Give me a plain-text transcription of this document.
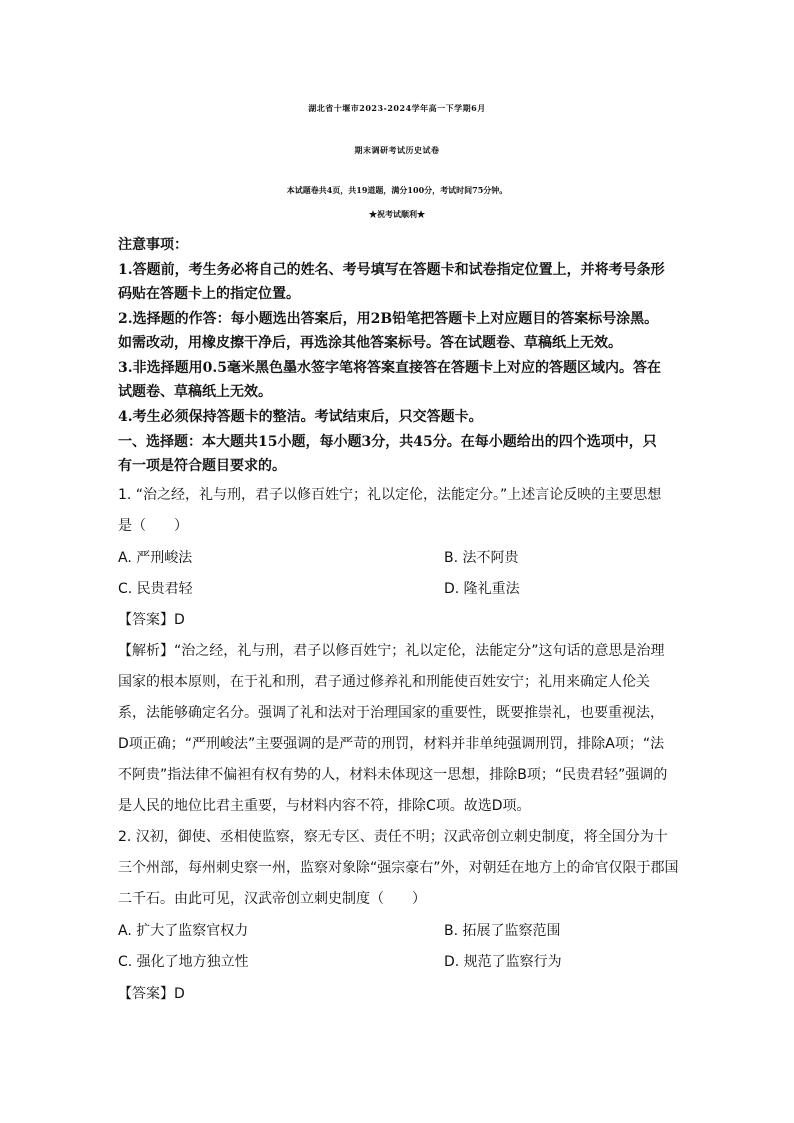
湖北省十堰市2023-2024学年高一下学期6月
期末调研考试历史试卷
本试题卷共4页，共19道题，满分100分，考试时间75分钟。
★祝考试顺利★
注意事项：
1.答题前，考生务必将自己的姓名、考号填写在答题卡和试卷指定位置上，并将考号条形
码贴在答题卡上的指定位置。
2.选择题的作答：每小题选出答案后，用2B铅笔把答题卡上对应题目的答案标号涂黑。
如需改动，用橡皮擦干净后，再选涂其他答案标号。答在试题卷、草稿纸上无效。
3.非选择题用0.5毫米黑色墨水签字笔将答案直接答在答题卡上对应的答题区域内。答在
试题卷、草稿纸上无效。
4.考生必须保持答题卡的整洁。考试结束后，只交答题卡。
一、选择题：本大题共15小题，每小题3分，共45分。在每小题给出的四个选项中，只
有一项是符合题目要求的。
1. “治之经，礼与刑，君子以修百姓宁；礼以定伦，法能定分。”上述言论反映的主要思想
是（　　）
A. 严刑峻法	B. 法不阿贵
C. 民贵君轻	D. 隆礼重法
【答案】D
【解析】“治之经，礼与刑，君子以修百姓宁；礼以定伦，法能定分”这句话的意思是治理
国家的根本原则，在于礼和刑，君子通过修养礼和刑能使百姓安宁；礼用来确定人伦关
系，法能够确定名分。强调了礼和法对于治理国家的重要性，既要推崇礼，也要重视法，
D项正确；“严刑峻法”主要强调的是严苛的刑罚，材料并非单纯强调刑罚，排除A项；“法
不阿贵”指法律不偏袒有权有势的人，材料未体现这一思想，排除B项；“民贵君轻”强调的
是人民的地位比君主重要，与材料内容不符，排除C项。故选D项。
2. 汉初，御使、丞相使监察，察无专区、责任不明；汉武帝创立刺史制度，将全国分为十
三个州部，每州刺史察一州，监察对象除“强宗豪右”外，对朝廷在地方上的命官仅限于郡国
二千石。由此可见，汉武帝创立刺史制度（　　）
A. 扩大了监察官权力	B. 拓展了监察范围
C. 强化了地方独立性	D. 规范了监察行为
【答案】D
